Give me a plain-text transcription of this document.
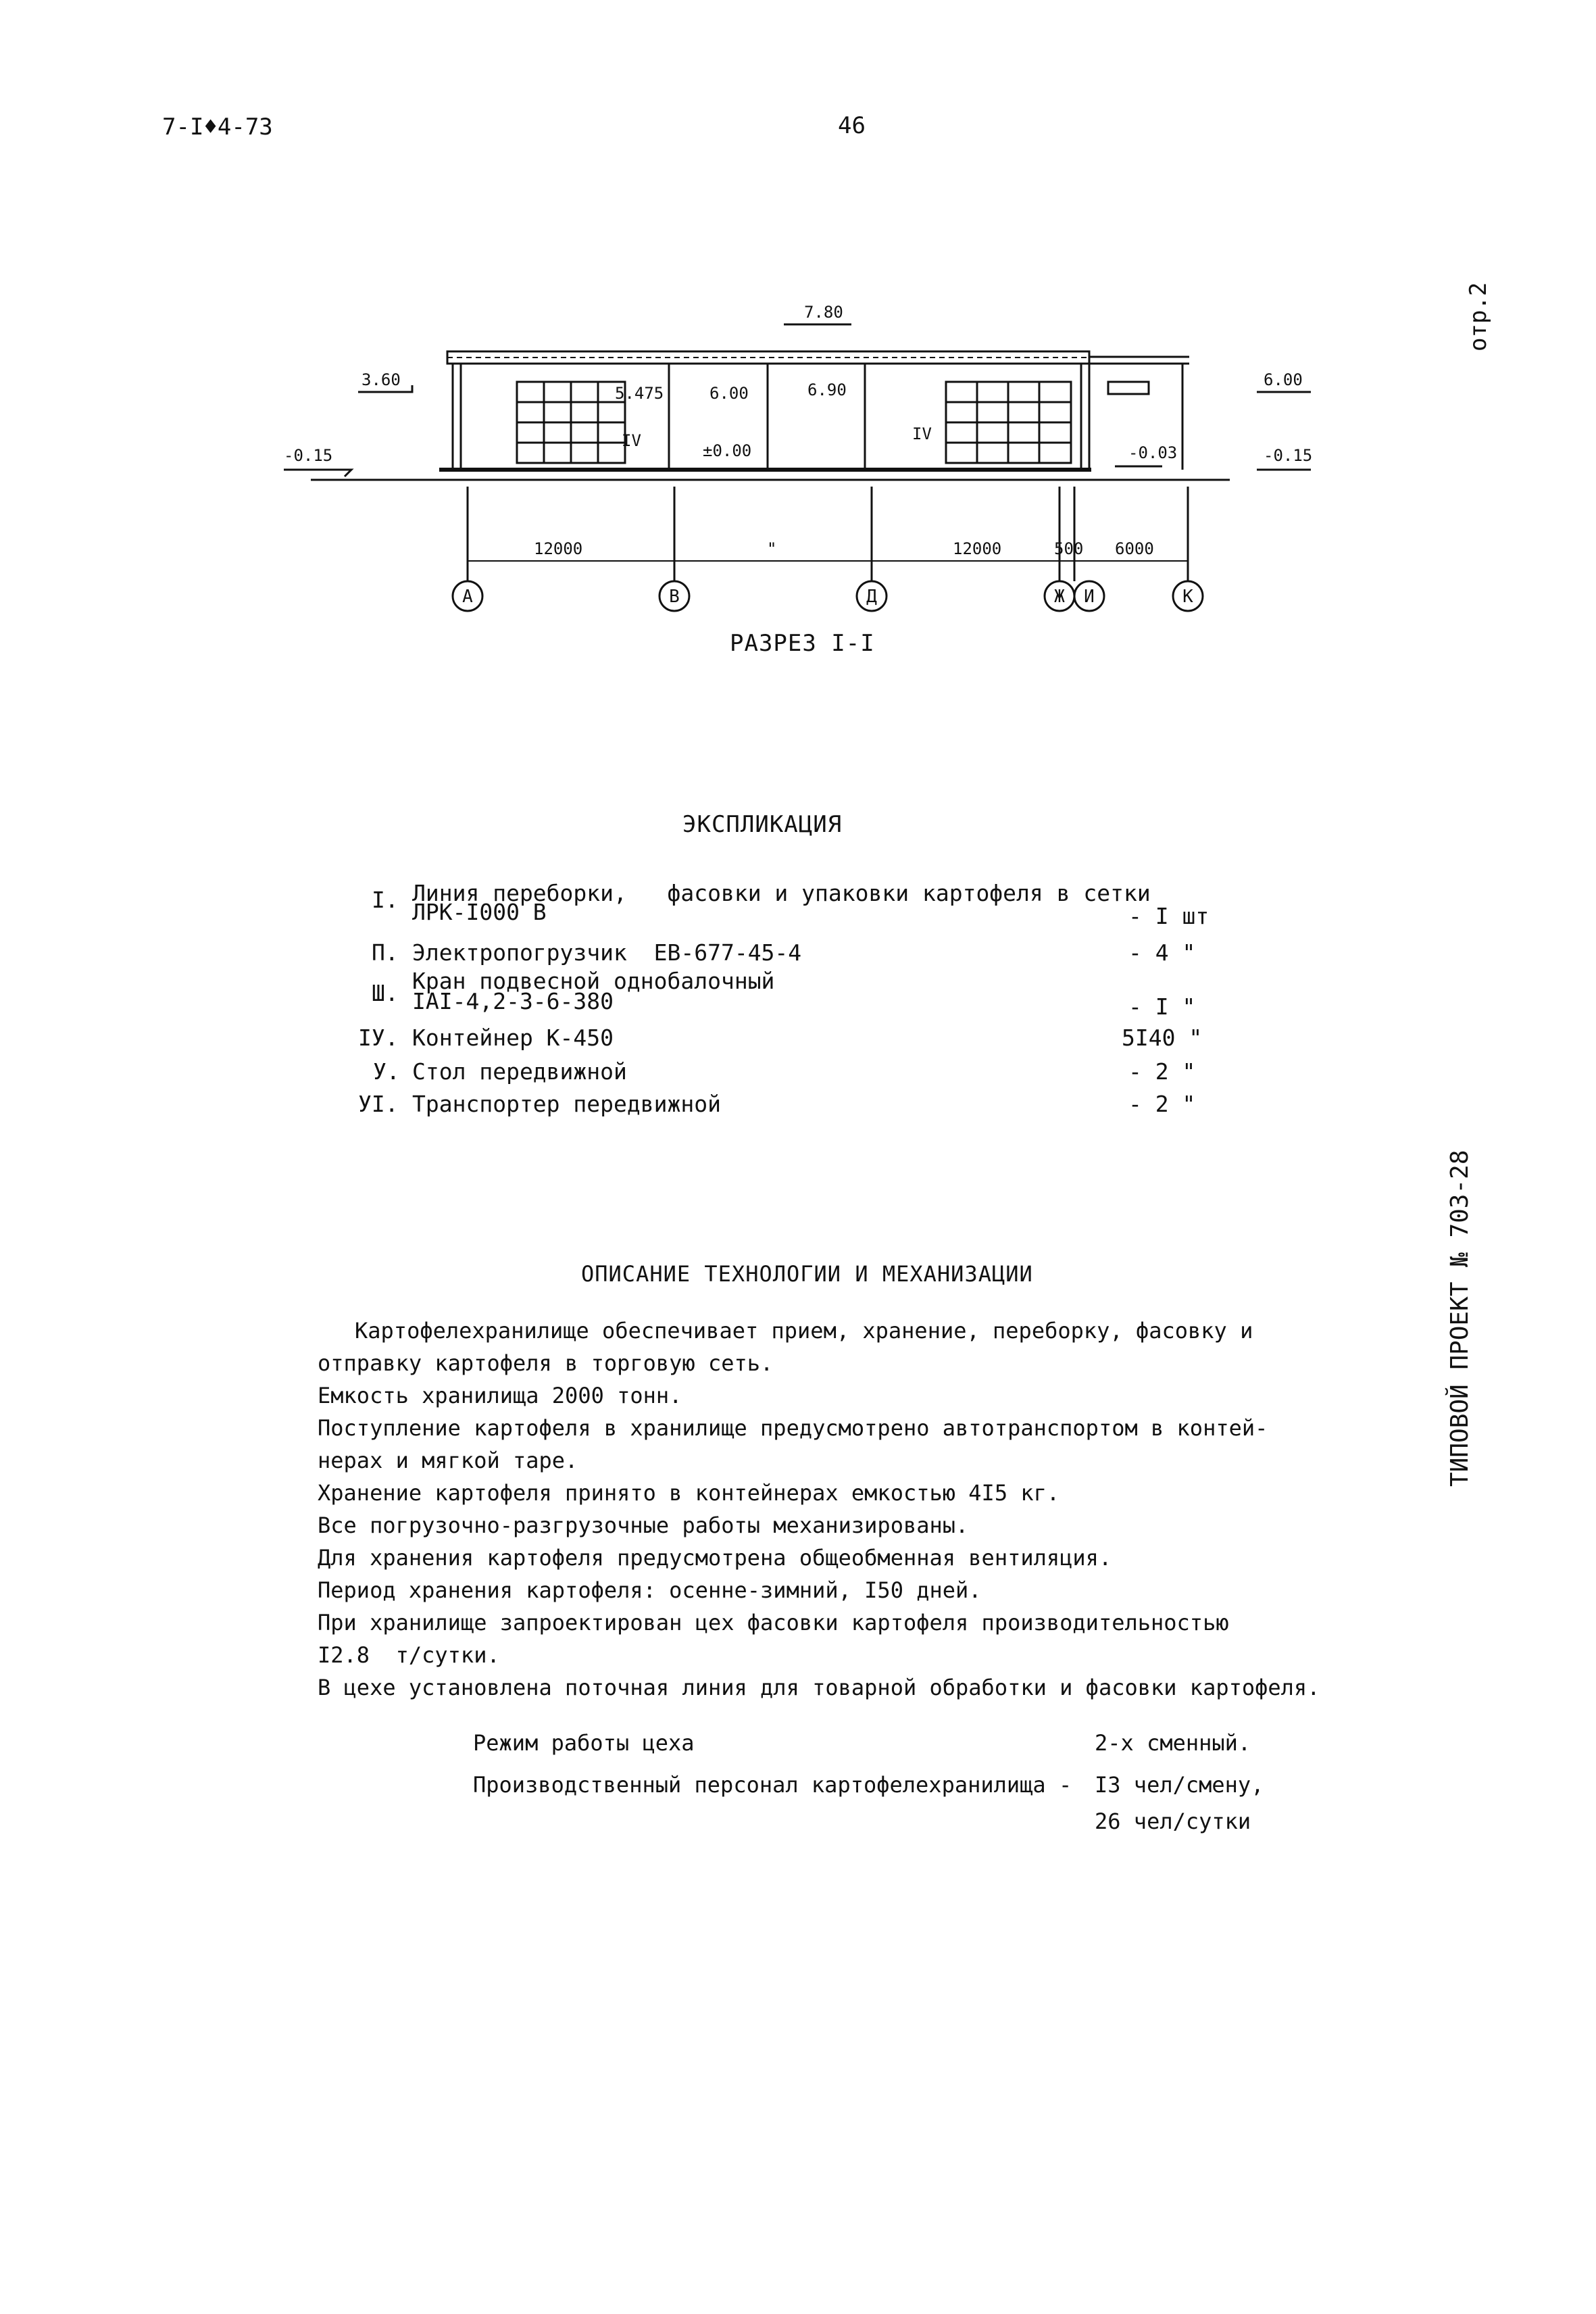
7-I♦4-73	46
отр.2
ТИПОВОЙ ПРОЕКТ № 703-28
7.80
3.60
-0.15
5.475	6.00	6.90
±0.00
6.00
-0.03	-0.15
IV	IV
12000	"	12000	500 6000
А	В	Д	Ж И	К
РАЗРЕЗ I-I
ЭКСПЛИКАЦИЯ
I. Линия переборки,   фасовки и упаковки картофеля в сетки
ЛРК-I000 В	- I шт
П. Электропогрузчик  ЕВ-677-45-4	- 4 "
Ш. Кран подвесной однобалочный
IAI-4,2-3-6-380	- I "
IУ. Контейнер К-450	5I40 "
У. Стол передвижной	- 2 "
УI. Транспортер передвижной	- 2 "
ОПИСАНИЕ ТЕХНОЛОГИИ И МЕХАНИЗАЦИИ
Картофелехранилище обеспечивает прием, хранение, переборку, фасовку и
отправку картофеля в торговую сеть.
Емкость хранилища 2000 тонн.
Поступление картофеля в хранилище предусмотрено автотранспортом в контей-
нерах и мягкой таре.
Хранение картофеля принято в контейнерах емкостью 4I5 кг.
Все погрузочно-разгрузочные работы механизированы.
Для хранения картофеля предусмотрена общеобменная вентиляция.
Период хранения картофеля: осенне-зимний, I50 дней.
При хранилище запроектирован цех фасовки картофеля производительностью
I2.8  т/сутки.
В цехе установлена поточная линия для товарной обработки и фасовки картофеля.
Режим работы цеха	2-х сменный.
Производственный персонал картофелехранилища - I3 чел/смену,
26 чел/сутки
